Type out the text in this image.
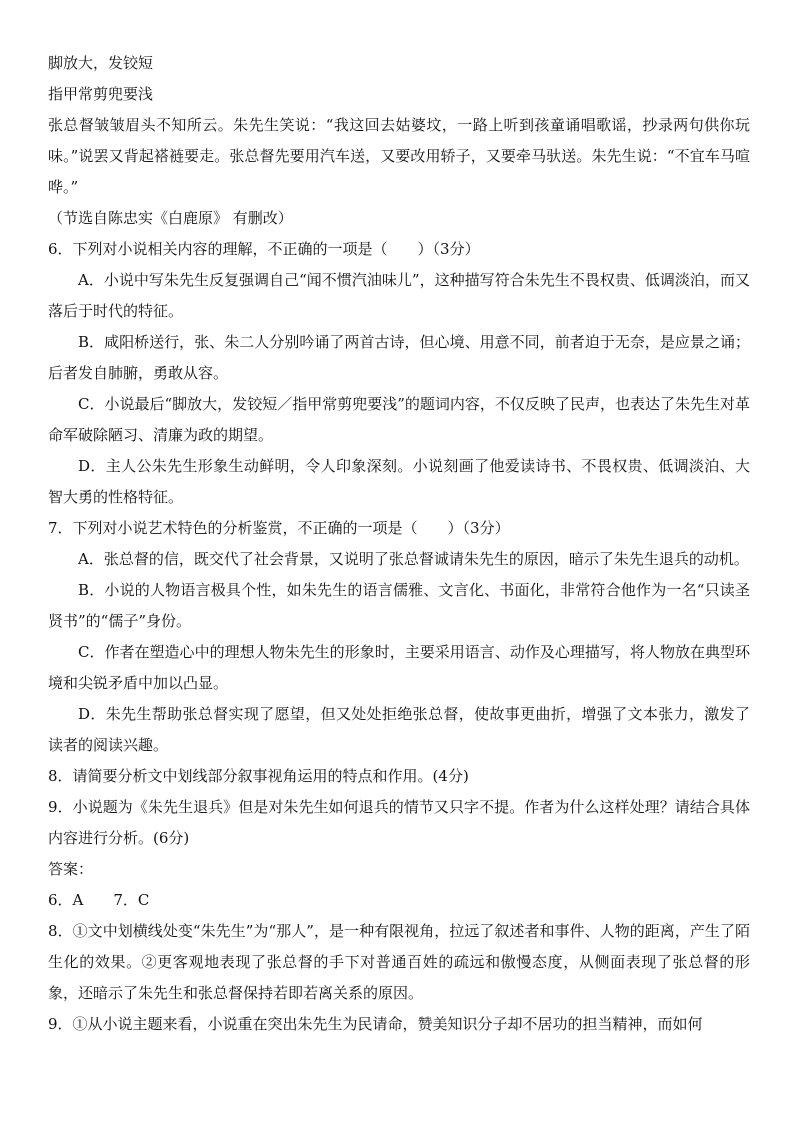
脚放大，发铰短
指甲常剪兜要浅

张总督皱皱眉头不知所云。朱先生笑说：“我这回去姑婆坟，一路上听到孩童诵唱歌谣，抄录两句供你玩味。”说罢又背起褡裢要走。张总督先要用汽车送，又要改用轿子，又要牵马驮送。朱先生说：“不宜车马喧哗。”

（节选自陈忠实《白鹿原》 有删改）
6．下列对小说相关内容的理解，不正确的一项是（　　）（3分）

A．小说中写朱先生反复强调自己“闻不惯汽油味儿”，这种描写符合朱先生不畏权贵、低调淡泊，而又落后于时代的特征。

B．咸阳桥送行，张、朱二人分别吟诵了两首古诗，但心境、用意不同，前者迫于无奈，是应景之诵；后者发自肺腑，勇敢从容。

C．小说最后“脚放大，发铰短／指甲常剪兜要浅”的题词内容，不仅反映了民声，也表达了朱先生对革命军破除陋习、清廉为政的期望。

D．主人公朱先生形象生动鲜明，令人印象深刻。小说刻画了他爱读诗书、不畏权贵、低调淡泊、大智大勇的性格特征。

7．下列对小说艺术特色的分析鉴赏，不正确的一项是（　　）（3分）

A．张总督的信，既交代了社会背景，又说明了张总督诚请朱先生的原因，暗示了朱先生退兵的动机。

B．小说的人物语言极具个性，如朱先生的语言儒雅、文言化、书面化，非常符合他作为一名“只读圣贤书”的“儒子”身份。

C．作者在塑造心中的理想人物朱先生的形象时，主要采用语言、动作及心理描写，将人物放在典型环境和尖锐矛盾中加以凸显。

D．朱先生帮助张总督实现了愿望，但又处处拒绝张总督，使故事更曲折，增强了文本张力，激发了读者的阅读兴趣。

8．请简要分析文中划线部分叙事视角运用的特点和作用。(4分)

9．小说题为《朱先生退兵》但是对朱先生如何退兵的情节又只字不提。作者为什么这样处理？请结合具体内容进行分析。(6分)

答案：
6．A　　7．C

8．①文中划横线处变“朱先生”为“那人”，是一种有限视角，拉远了叙述者和事件、人物的距离，产生了陌生化的效果。②更客观地表现了张总督的手下对普通百姓的疏远和傲慢态度，从侧面表现了张总督的形象，还暗示了朱先生和张总督保持若即若离关系的原因。

9．①从小说主题来看，小说重在突出朱先生为民请命，赞美知识分子却不居功的担当精神，而如何
